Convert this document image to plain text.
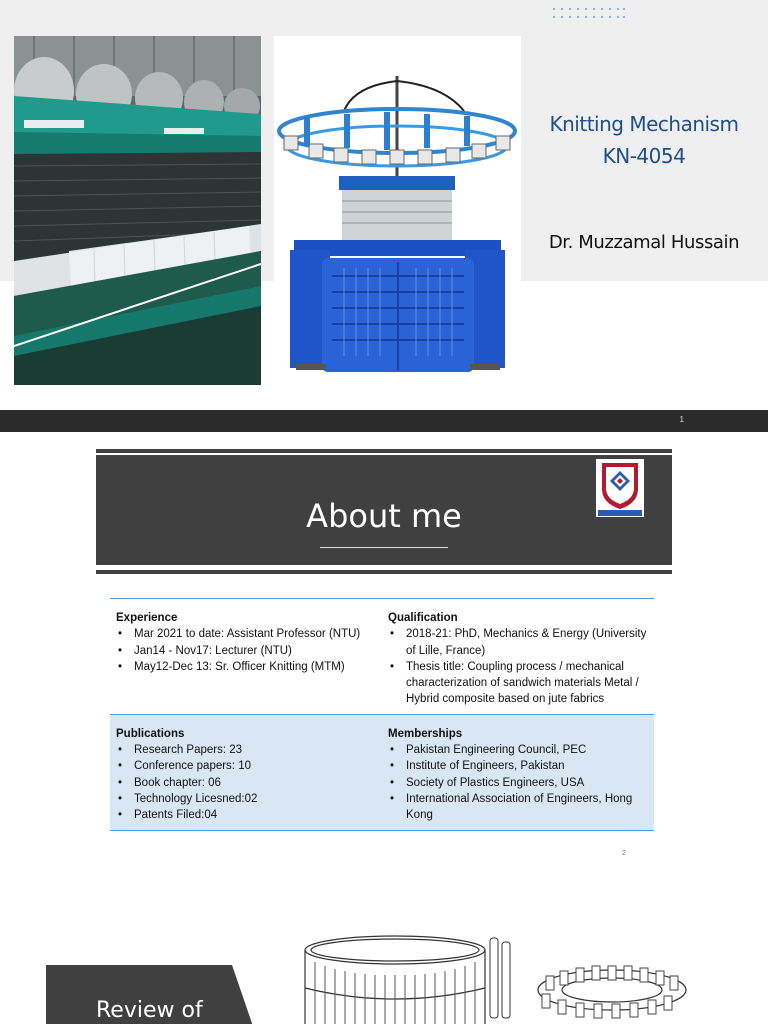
Knitting Mechanism
KN-4054
Dr. Muzzamal Hussain
1
About me
Experience
• Mar 2021 to date: Assistant Professor (NTU)
• Jan14 - Nov17: Lecturer (NTU)
• May12-Dec 13: Sr. Officer Knitting (MTM)
Qualification
• 2018-21: PhD, Mechanics & Energy (University of Lille, France)
• Thesis title: Coupling process / mechanical characterization of sandwich materials Metal / Hybrid composite based on jute fabrics
Publications
• Research Papers: 23
• Conference papers: 10
• Book chapter: 06
• Technology Licesned:02
• Patents Filed:04
Memberships
• Pakistan Engineering Council, PEC
• Institute of Engineers, Pakistan
• Society of Plastics Engineers, USA
• International Association of Engineers, Hong Kong
2
Review of
